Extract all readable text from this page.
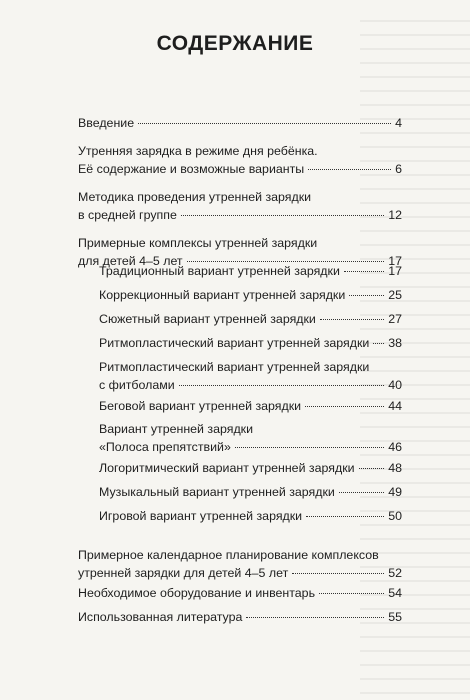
СОДЕРЖАНИЕ
Введение	4
Утренняя зарядка в режиме дня ребёнка.
Её содержание и возможные варианты	6
Методика проведения утренней зарядки
в средней группе	12
Примерные комплексы утренней зарядки
для детей 4–5 лет	17
Традиционный вариант утренней зарядки	17
Коррекционный вариант утренней зарядки	25
Сюжетный вариант утренней зарядки	27
Ритмопластический вариант утренней зарядки 38
Ритмопластический вариант утренней зарядки
с фитболами	40
Беговой вариант утренней зарядки	44
Вариант утренней зарядки
«Полоса препятствий»	46
Логоритмический вариант утренней зарядки	48
Музыкальный вариант утренней зарядки	49
Игровой вариант утренней зарядки	50
Примерное календарное планирование комплексов
утренней зарядки для детей 4–5 лет	52
Необходимое оборудование и инвентарь	54
Использованная литература	55
